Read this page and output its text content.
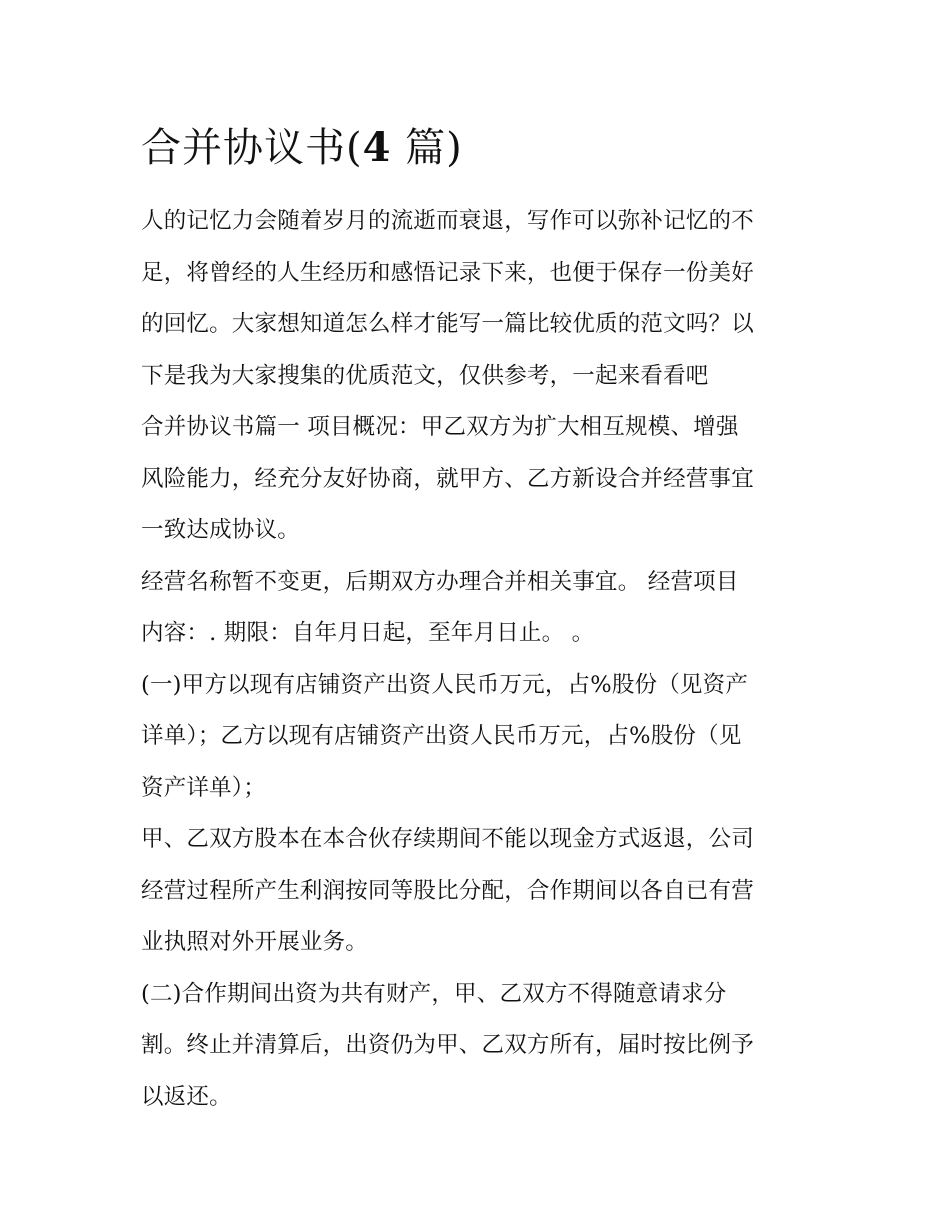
合并协议书(4 篇)

人的记忆力会随着岁月的流逝而衰退，写作可以弥补记忆的不
足，将曾经的人生经历和感悟记录下来，也便于保存一份美好
的回忆。大家想知道怎么样才能写一篇比较优质的范文吗？以
下是我为大家搜集的优质范文，仅供参考，一起来看看吧

合并协议书篇一 项目概况：甲乙双方为扩大相互规模、增强
风险能力，经充分友好协商，就甲方、乙方新设合并经营事宜
一致达成协议。

经营名称暂不变更，后期双方办理合并相关事宜。 经营项目
内容：. 期限：自年月日起，至年月日止。 。

(一)甲方以现有店铺资产出资人民币万元，占%股份（见资产
详单）；乙方以现有店铺资产出资人民币万元，占%股份（见
资产详单）；

甲、乙双方股本在本合伙存续期间不能以现金方式返退，公司
经营过程所产生利润按同等股比分配，合作期间以各自已有营
业执照对外开展业务。

(二)合作期间出资为共有财产，甲、乙双方不得随意请求分
割。终止并清算后，出资仍为甲、乙双方所有，届时按比例予
以返还。
